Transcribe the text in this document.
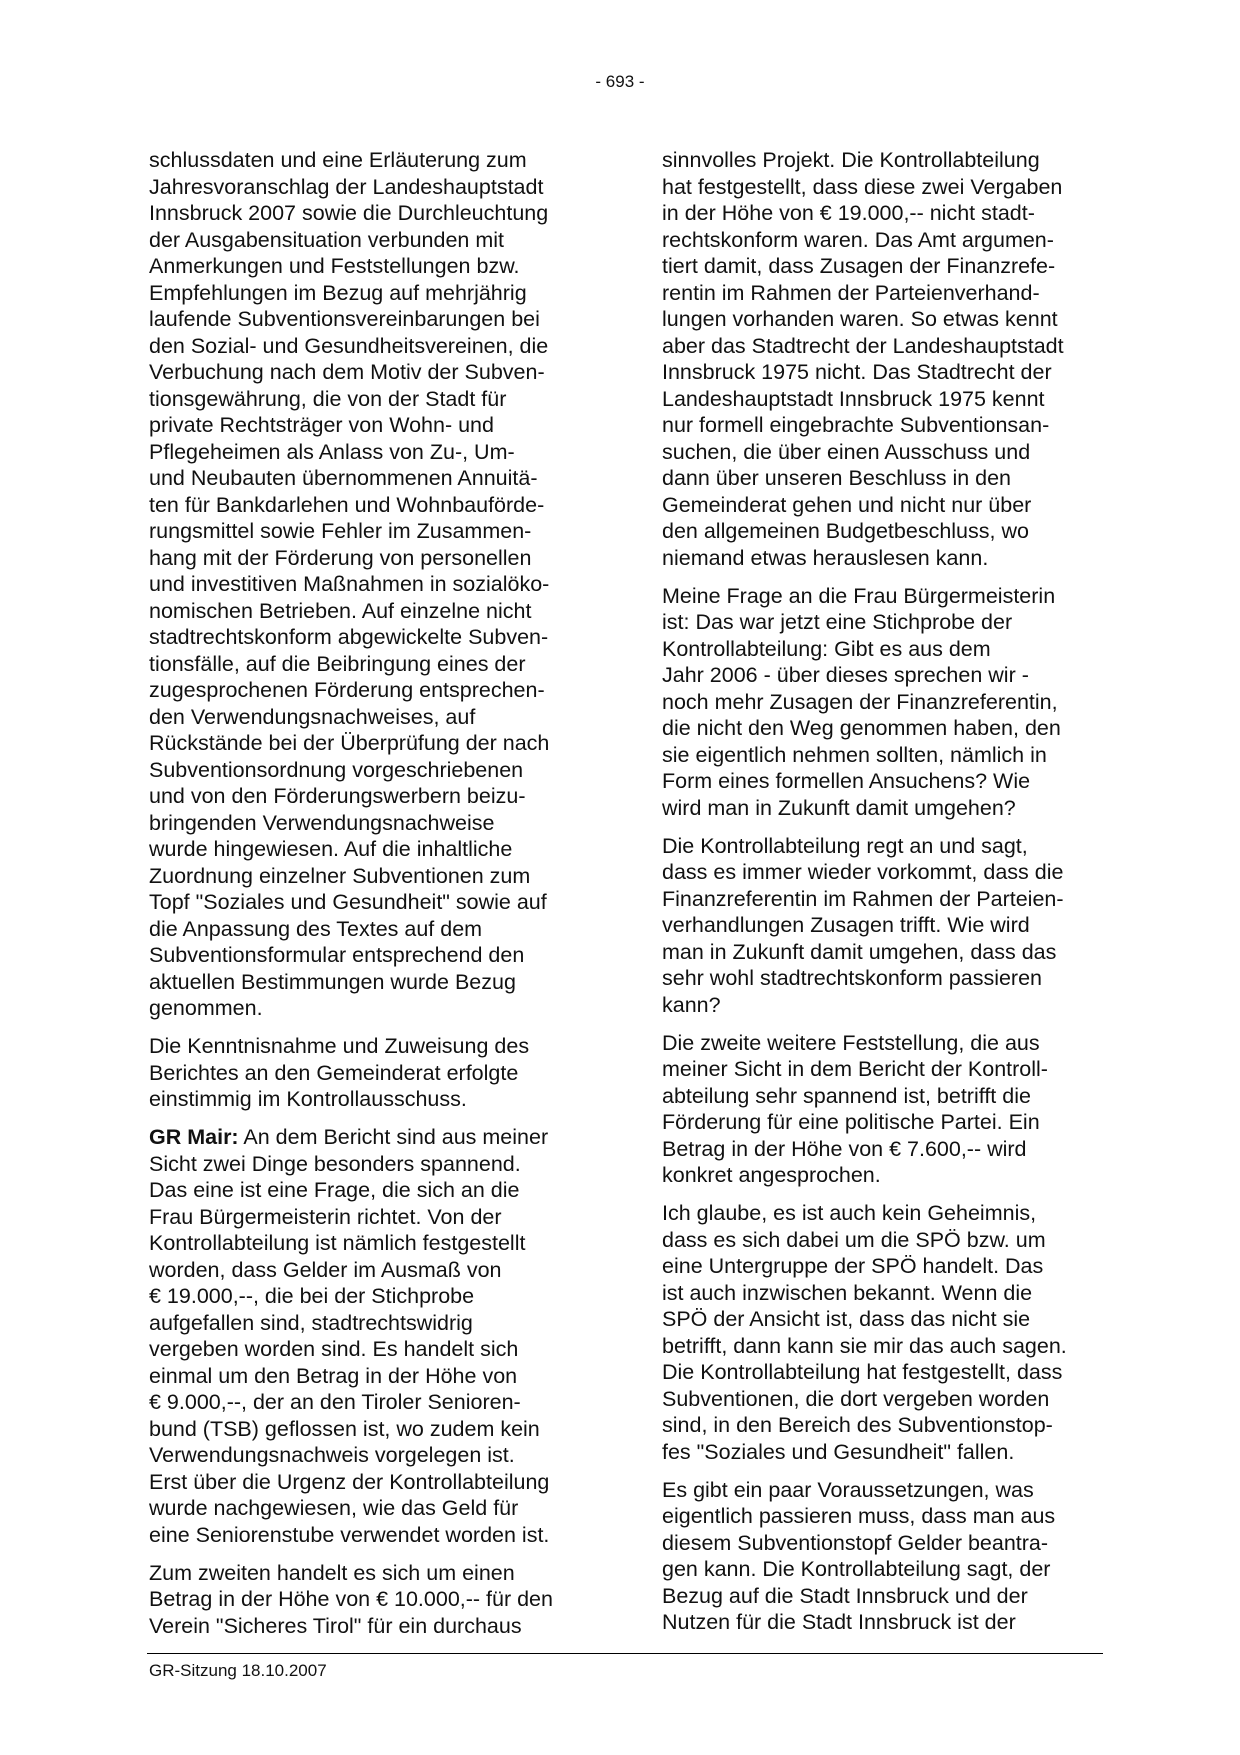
- 693 -
schlussdaten und eine Erläuterung zum
Jahresvoranschlag der Landeshauptstadt
Innsbruck 2007 sowie die Durchleuchtung
der Ausgabensituation verbunden mit
Anmerkungen und Feststellungen bzw.
Empfehlungen im Bezug auf mehrjährig
laufende Subventionsvereinbarungen bei
den Sozial- und Gesundheitsvereinen, die
Verbuchung nach dem Motiv der Subven-
tionsgewährung, die von der Stadt für
private Rechtsträger von Wohn- und
Pflegeheimen als Anlass von Zu-, Um-
und Neubauten übernommenen Annuitä-
ten für Bankdarlehen und Wohnbauförde-
rungsmittel sowie Fehler im Zusammen-
hang mit der Förderung von personellen
und investitiven Maßnahmen in sozialöko-
nomischen Betrieben. Auf einzelne nicht
stadtrechtskonform abgewickelte Subven-
tionsfälle, auf die Beibringung eines der
zugesprochenen Förderung entsprechen-
den Verwendungsnachweises, auf
Rückstände bei der Überprüfung der nach
Subventionsordnung vorgeschriebenen
und von den Förderungswerbern beizu-
bringenden Verwendungsnachweise
wurde hingewiesen. Auf die inhaltliche
Zuordnung einzelner Subventionen zum
Topf "Soziales und Gesundheit" sowie auf
die Anpassung des Textes auf dem
Subventionsformular entsprechend den
aktuellen Bestimmungen wurde Bezug
genommen.
Die Kenntnisnahme und Zuweisung des
Berichtes an den Gemeinderat erfolgte
einstimmig im Kontrollausschuss.
GR Mair: An dem Bericht sind aus meiner
Sicht zwei Dinge besonders spannend.
Das eine ist eine Frage, die sich an die
Frau Bürgermeisterin richtet. Von der
Kontrollabteilung ist nämlich festgestellt
worden, dass Gelder im Ausmaß von
€ 19.000,--, die bei der Stichprobe
aufgefallen sind, stadtrechtswidrig
vergeben worden sind. Es handelt sich
einmal um den Betrag in der Höhe von
€ 9.000,--, der an den Tiroler Senioren-
bund (TSB) geflossen ist, wo zudem kein
Verwendungsnachweis vorgelegen ist.
Erst über die Urgenz der Kontrollabteilung
wurde nachgewiesen, wie das Geld für
eine Seniorenstube verwendet worden ist.
Zum zweiten handelt es sich um einen
Betrag in der Höhe von € 10.000,-- für den
Verein "Sicheres Tirol" für ein durchaus
sinnvolles Projekt. Die Kontrollabteilung
hat festgestellt, dass diese zwei Vergaben
in der Höhe von € 19.000,-- nicht stadt-
rechtskonform waren. Das Amt argumen-
tiert damit, dass Zusagen der Finanzrefe-
rentin im Rahmen der Parteienverhand-
lungen vorhanden waren. So etwas kennt
aber das Stadtrecht der Landeshauptstadt
Innsbruck 1975 nicht. Das Stadtrecht der
Landeshauptstadt Innsbruck 1975 kennt
nur formell eingebrachte Subventionsan-
suchen, die über einen Ausschuss und
dann über unseren Beschluss in den
Gemeinderat gehen und nicht nur über
den allgemeinen Budgetbeschluss, wo
niemand etwas herauslesen kann.
Meine Frage an die Frau Bürgermeisterin
ist: Das war jetzt eine Stichprobe der
Kontrollabteilung: Gibt es aus dem
Jahr 2006 - über dieses sprechen wir -
noch mehr Zusagen der Finanzreferentin,
die nicht den Weg genommen haben, den
sie eigentlich nehmen sollten, nämlich in
Form eines formellen Ansuchens? Wie
wird man in Zukunft damit umgehen?
Die Kontrollabteilung regt an und sagt,
dass es immer wieder vorkommt, dass die
Finanzreferentin im Rahmen der Parteien-
verhandlungen Zusagen trifft. Wie wird
man in Zukunft damit umgehen, dass das
sehr wohl stadtrechtskonform passieren
kann?
Die zweite weitere Feststellung, die aus
meiner Sicht in dem Bericht der Kontroll-
abteilung sehr spannend ist, betrifft die
Förderung für eine politische Partei. Ein
Betrag in der Höhe von € 7.600,-- wird
konkret angesprochen.
Ich glaube, es ist auch kein Geheimnis,
dass es sich dabei um die SPÖ bzw. um
eine Untergruppe der SPÖ handelt. Das
ist auch inzwischen bekannt. Wenn die
SPÖ der Ansicht ist, dass das nicht sie
betrifft, dann kann sie mir das auch sagen.
Die Kontrollabteilung hat festgestellt, dass
Subventionen, die dort vergeben worden
sind, in den Bereich des Subventionstop-
fes "Soziales und Gesundheit" fallen.
Es gibt ein paar Voraussetzungen, was
eigentlich passieren muss, dass man aus
diesem Subventionstopf Gelder beantra-
gen kann. Die Kontrollabteilung sagt, der
Bezug auf die Stadt Innsbruck und der
Nutzen für die Stadt Innsbruck ist der
GR-Sitzung 18.10.2007
